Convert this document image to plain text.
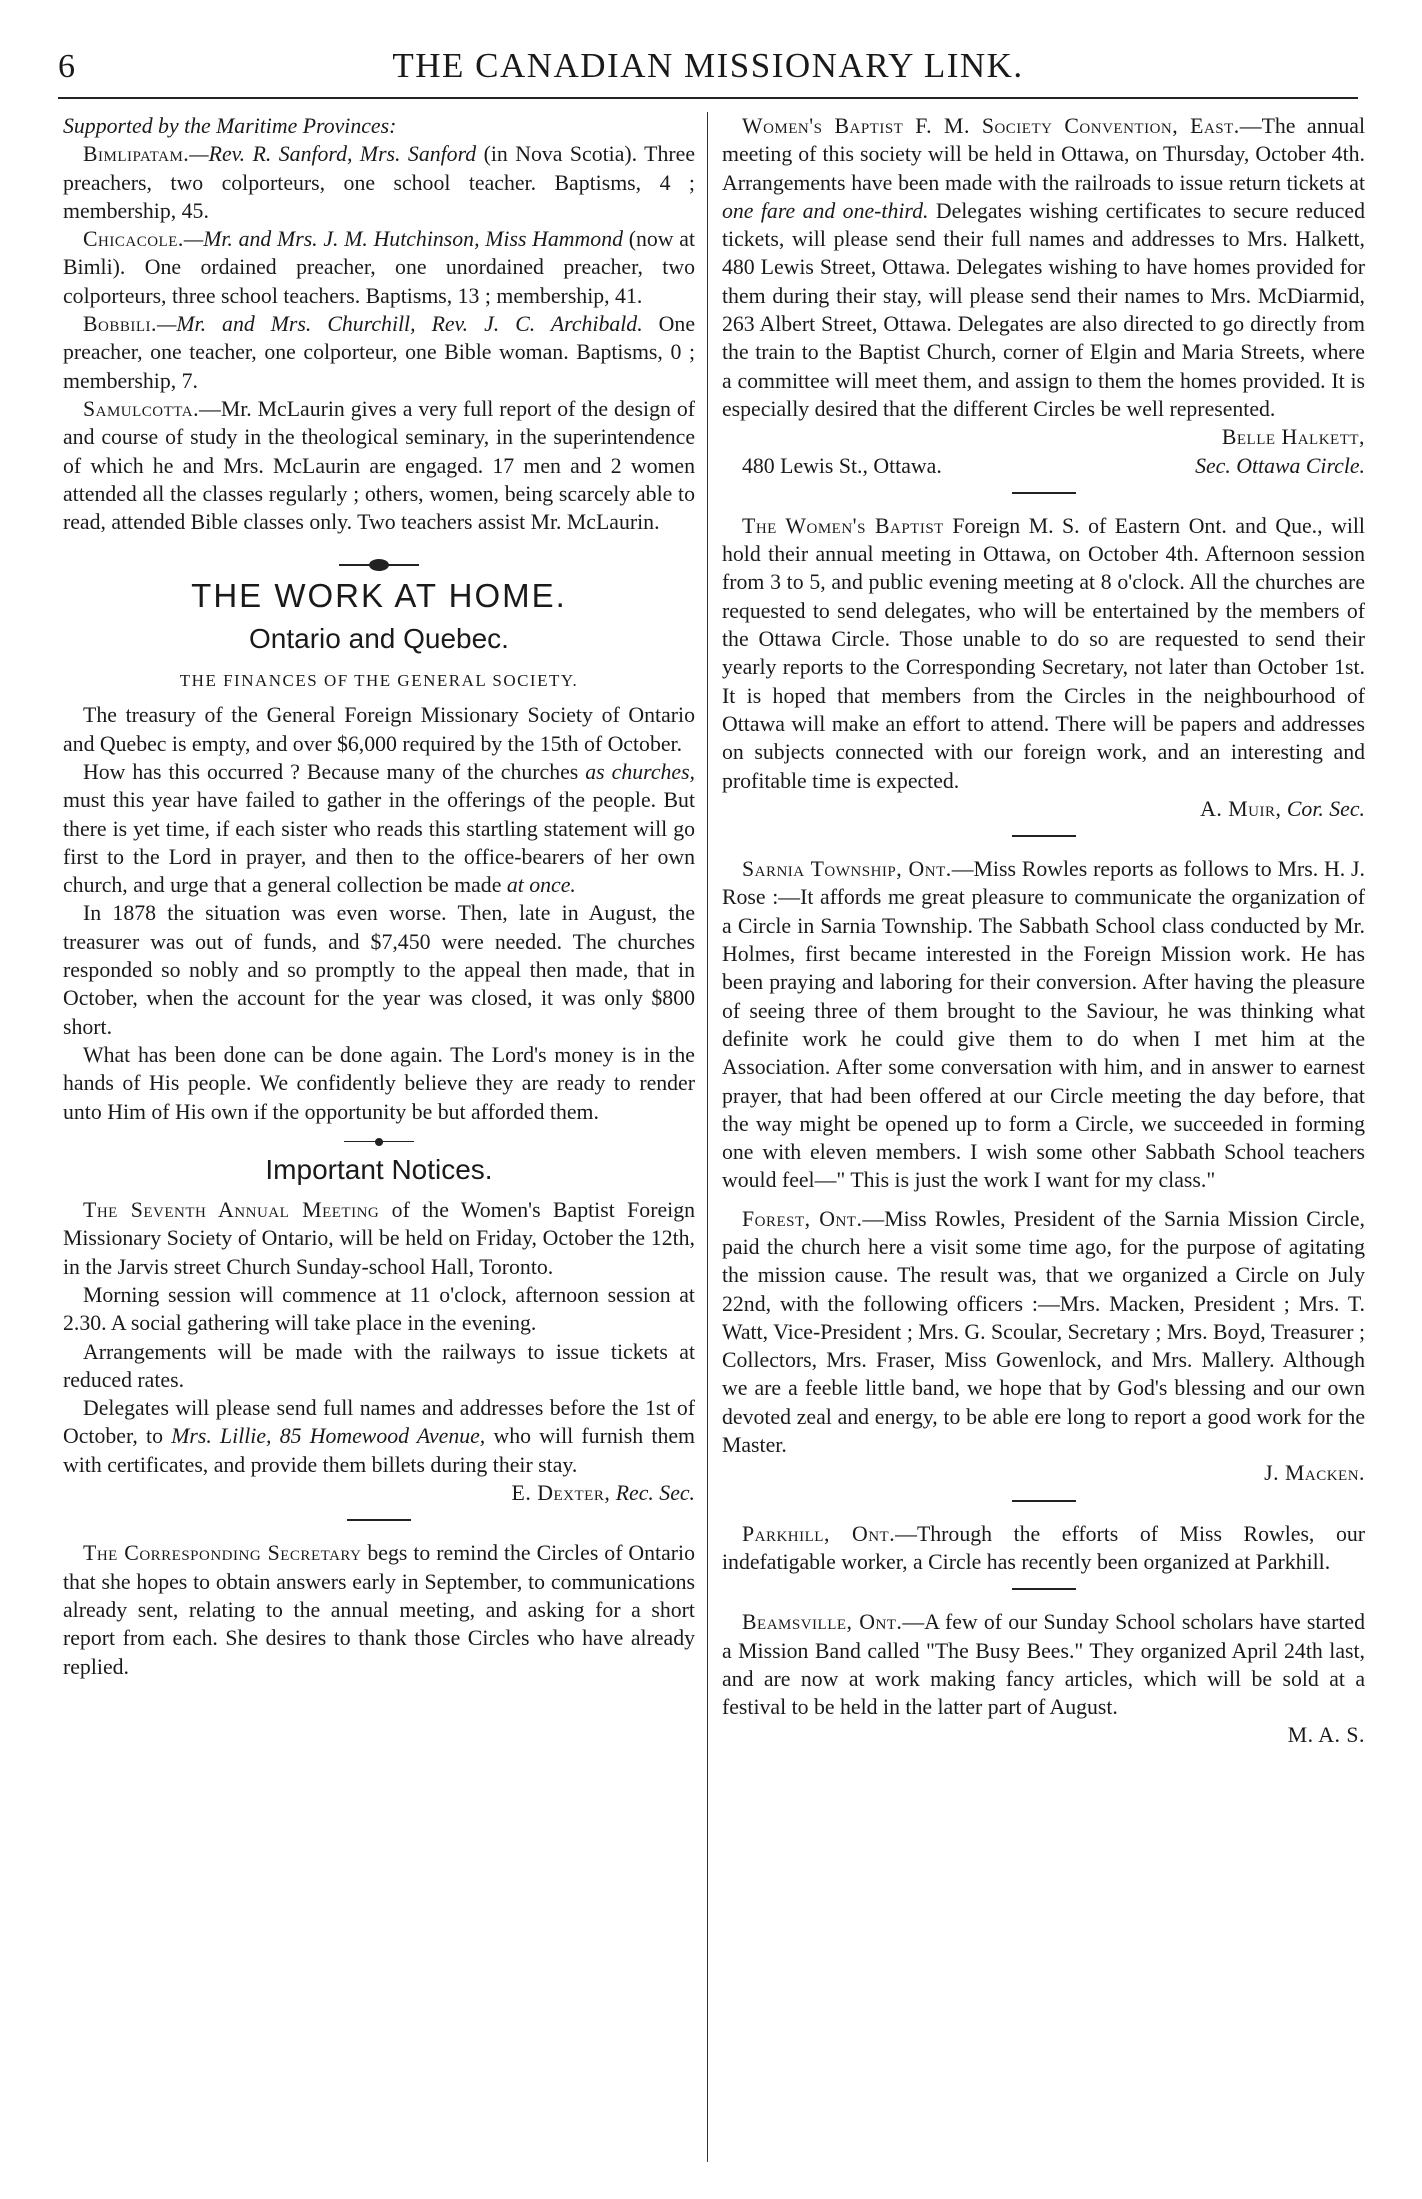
6	THE CANADIAN MISSIONARY LINK.

Supported by the Maritime Provinces:

Bimlipatam.—Rev. R. Sanford, Mrs. Sanford (in Nova Scotia). Three preachers, two colporteurs, one school teacher. Baptisms, 4 ; membership, 45.

Chicacole.—Mr. and Mrs. J. M. Hutchinson, Miss Hammond (now at Bimli). One ordained preacher, one unordained preacher, two colporteurs, three school teachers. Baptisms, 13 ; membership, 41.

Bobbili.—Mr. and Mrs. Churchill, Rev. J. C. Archibald. One preacher, one teacher, one colporteur, one Bible woman. Baptisms, 0 ; membership, 7.

Samulcotta.—Mr. McLaurin gives a very full report of the design of and course of study in the theological seminary, in the superintendence of which he and Mrs. McLaurin are engaged. 17 men and 2 women attended all the classes regularly ; others, women, being scarcely able to read, attended Bible classes only. Two teachers assist Mr. McLaurin.

THE WORK AT HOME.
Ontario and Quebec.
THE FINANCES OF THE GENERAL SOCIETY.

The treasury of the General Foreign Missionary Society of Ontario and Quebec is empty, and over $6,000 required by the 15th of October.

How has this occurred ? Because many of the churches as churches, must this year have failed to gather in the offerings of the people. But there is yet time, if each sister who reads this startling statement will go first to the Lord in prayer, and then to the office-bearers of her own church, and urge that a general collection be made at once.

In 1878 the situation was even worse. Then, late in August, the treasurer was out of funds, and $7,450 were needed. The churches responded so nobly and so promptly to the appeal then made, that in October, when the account for the year was closed, it was only $800 short.

What has been done can be done again. The Lord's money is in the hands of His people. We confidently believe they are ready to render unto Him of His own if the opportunity be but afforded them.

Important Notices.

The Seventh Annual Meeting of the Women's Baptist Foreign Missionary Society of Ontario, will be held on Friday, October the 12th, in the Jarvis street Church Sunday-school Hall, Toronto.

Morning session will commence at 11 o'clock, afternoon session at 2.30. A social gathering will take place in the evening.

Arrangements will be made with the railways to issue tickets at reduced rates.

Delegates will please send full names and addresses before the 1st of October, to Mrs. Lillie, 85 Homewood Avenue, who will furnish them with certificates, and provide them billets during their stay.

E. Dexter, Rec. Sec.

The Corresponding Secretary begs to remind the Circles of Ontario that she hopes to obtain answers early in September, to communications already sent, relating to the annual meeting, and asking for a short report from each. She desires to thank those Circles who have already replied.

Women's Baptist F. M. Society Convention, East.—The annual meeting of this society will be held in Ottawa, on Thursday, October 4th. Arrangements have been made with the railroads to issue return tickets at one fare and one-third. Delegates wishing certificates to secure reduced tickets, will please send their full names and addresses to Mrs. Halkett, 480 Lewis Street, Ottawa. Delegates wishing to have homes provided for them during their stay, will please send their names to Mrs. McDiarmid, 263 Albert Street, Ottawa. Delegates are also directed to go directly from the train to the Baptist Church, corner of Elgin and Maria Streets, where a committee will meet them, and assign to them the homes provided. It is especially desired that the different Circles be well represented.

Belle Halkett,

480 Lewis St., Ottawa.	Sec. Ottawa Circle.

The Women's Baptist Foreign M. S. of Eastern Ont. and Que., will hold their annual meeting in Ottawa, on October 4th. Afternoon session from 3 to 5, and public evening meeting at 8 o'clock. All the churches are requested to send delegates, who will be entertained by the members of the Ottawa Circle. Those unable to do so are requested to send their yearly reports to the Corresponding Secretary, not later than October 1st. It is hoped that members from the Circles in the neighbourhood of Ottawa will make an effort to attend. There will be papers and addresses on subjects connected with our foreign work, and an interesting and profitable time is expected.

A. Muir, Cor. Sec.

Sarnia Township, Ont.—Miss Rowles reports as follows to Mrs. H. J. Rose :—It affords me great pleasure to communicate the organization of a Circle in Sarnia Township. The Sabbath School class conducted by Mr. Holmes, first became interested in the Foreign Mission work. He has been praying and laboring for their conversion. After having the pleasure of seeing three of them brought to the Saviour, he was thinking what definite work he could give them to do when I met him at the Association. After some conversation with him, and in answer to earnest prayer, that had been offered at our Circle meeting the day before, that the way might be opened up to form a Circle, we succeeded in forming one with eleven members. I wish some other Sabbath School teachers would feel—" This is just the work I want for my class."

Forest, Ont.—Miss Rowles, President of the Sarnia Mission Circle, paid the church here a visit some time ago, for the purpose of agitating the mission cause. The result was, that we organized a Circle on July 22nd, with the following officers :—Mrs. Macken, President ; Mrs. T. Watt, Vice-President ; Mrs. G. Scoular, Secretary ; Mrs. Boyd, Treasurer ; Collectors, Mrs. Fraser, Miss Gowenlock, and Mrs. Mallery. Although we are a feeble little band, we hope that by God's blessing and our own devoted zeal and energy, to be able ere long to report a good work for the Master.

J. Macken.

Parkhill, Ont.—Through the efforts of Miss Rowles, our indefatigable worker, a Circle has recently been organized at Parkhill.

Beamsville, Ont.—A few of our Sunday School scholars have started a Mission Band called "The Busy Bees." They organized April 24th last, and are now at work making fancy articles, which will be sold at a festival to be held in the latter part of August.

M. A. S.
